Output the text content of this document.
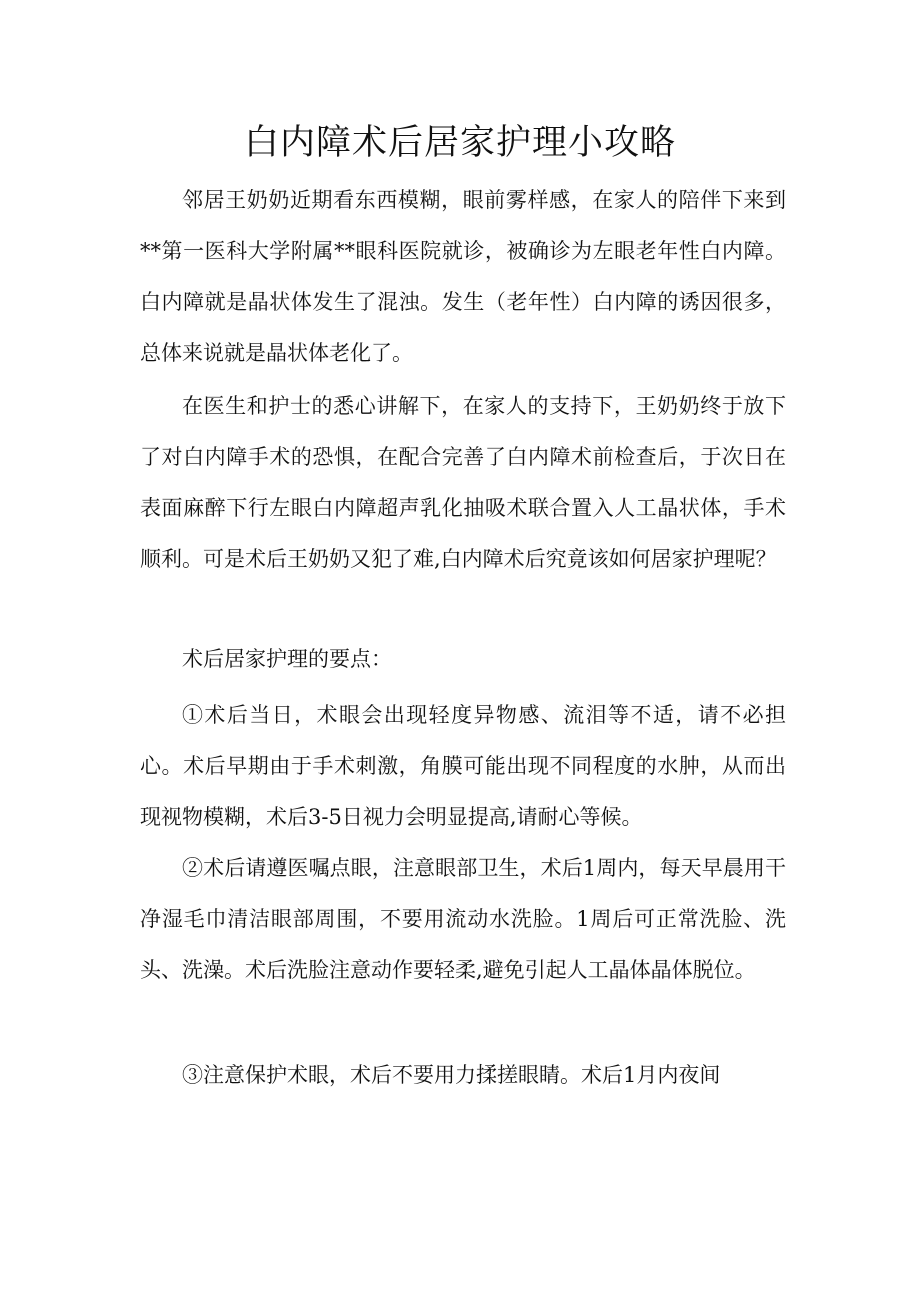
白内障术后居家护理小攻略

邻居王奶奶近期看东西模糊，眼前雾样感，在家人的陪伴下来到**第一医科大学附属**眼科医院就诊，被确诊为左眼老年性白内障。白内障就是晶状体发生了混浊。发生（老年性）白内障的诱因很多，总体来说就是晶状体老化了。

在医生和护士的悉心讲解下，在家人的支持下，王奶奶终于放下了对白内障手术的恐惧，在配合完善了白内障术前检查后，于次日在表面麻醉下行左眼白内障超声乳化抽吸术联合置入人工晶状体，手术顺利。可是术后王奶奶又犯了难,白内障术后究竟该如何居家护理呢？

术后居家护理的要点：

①术后当日，术眼会出现轻度异物感、流泪等不适，请不必担心。术后早期由于手术刺激，角膜可能出现不同程度的水肿，从而出现视物模糊，术后3-5日视力会明显提高,请耐心等候。

②术后请遵医嘱点眼，注意眼部卫生，术后1周内，每天早晨用干净湿毛巾清洁眼部周围，不要用流动水洗脸。1周后可正常洗脸、洗头、洗澡。术后洗脸注意动作要轻柔,避免引起人工晶体晶体脱位。

③注意保护术眼，术后不要用力揉搓眼睛。术后1月内夜间
